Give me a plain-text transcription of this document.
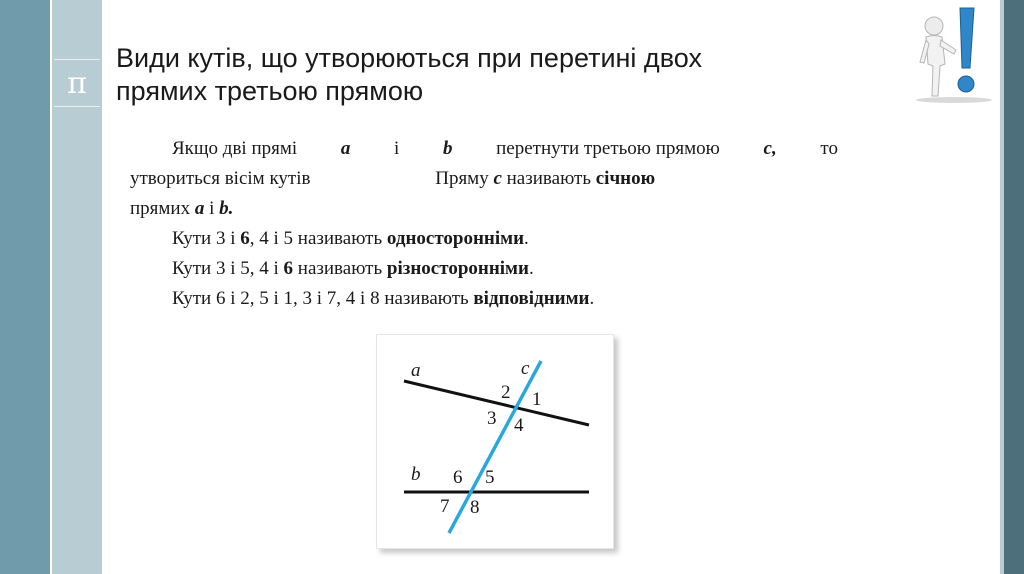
π
Види кутів, що утворюються при перетині двох
прямих третьою прямою
Якщо дві прямі a і b перетнути третьою прямою c, то
утвориться вісім кутів	Пряму c називають січною
прямих a і b.
Кути 3 і 6, 4 і 5 називають односторонніми.
Кути 3 і 5, 4 і 6 називають різносторонніми.
Кути 6 і 2, 5 і 1, 3 і 7, 4 і 8 називають відповідними.
a
b
c
1
2
3 4
5
6
7 8
